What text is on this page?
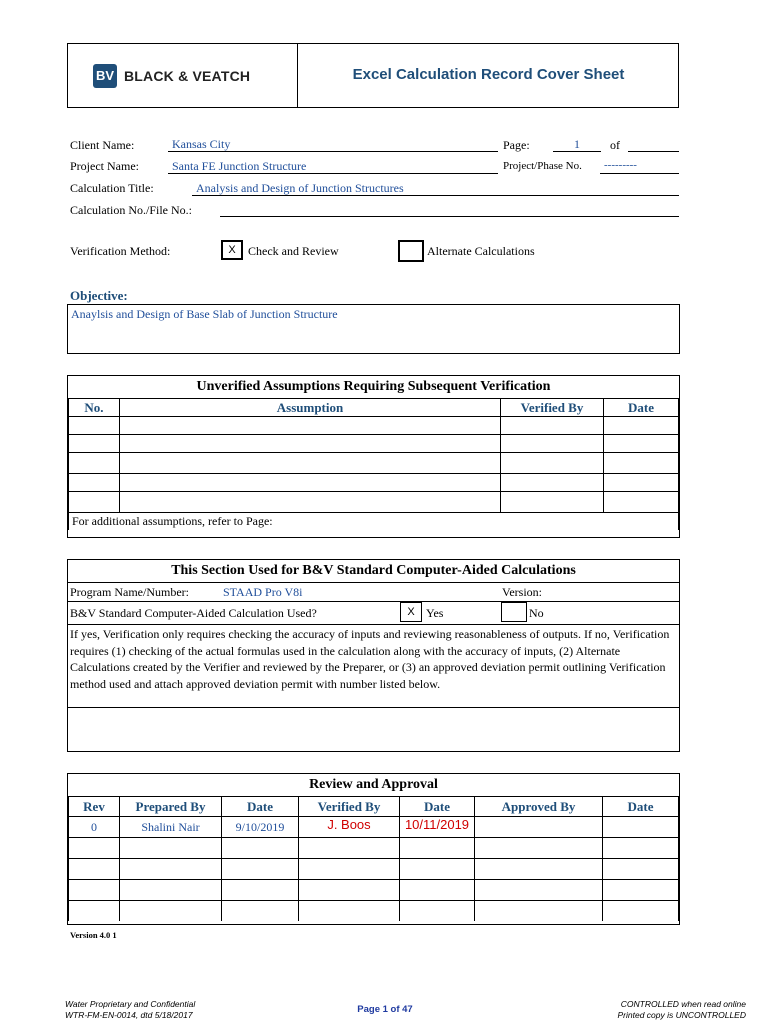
BV BLACK & VEATCH	Excel Calculation Record Cover Sheet
Client Name:	Kansas City	Page:	1	of
Project Name:	Santa FE Junction Structure	Project/Phase No. ---------
Calculation Title:	Analysis and Design of Junction Structures
Calculation No./File No.:
Verification Method:	X	Check and Review	Alternate Calculations
Objective:
Anaylsis and Design of Base Slab of Junction Structure
Unverified Assumptions Requiring Subsequent Verification
No.	Assumption	Verified By	Date

For additional assumptions, refer to Page:			
This Section Used for B&V Standard Computer-Aided Calculations
Program Name/Number:	STAAD Pro V8i	Version:
B&V Standard Computer-Aided Calculation Used?	X Yes	No
If yes, Verification only requires checking the accuracy of inputs and reviewing reasonableness of outputs. If no, Verification requires (1) checking of the actual formulas used in the calculation along with the accuracy of inputs, (2) Alternate Calculations created by the Verifier and reviewed by the Preparer, or (3) an approved deviation permit outlining Verification method used and attach approved deviation permit with number listed below.
Review and Approval
Rev	Prepared By	Date	Verified By	Date	Approved By	Date
0	Shalini Nair	9/10/2019	J. Boos	10/11/2019		

Version 4.0 1
Water Proprietary and Confidential
WTR-FM-EN-0014, dtd 5/18/2017	Page 1 of 47	CONTROLLED when read online
Printed copy is UNCONTROLLED
